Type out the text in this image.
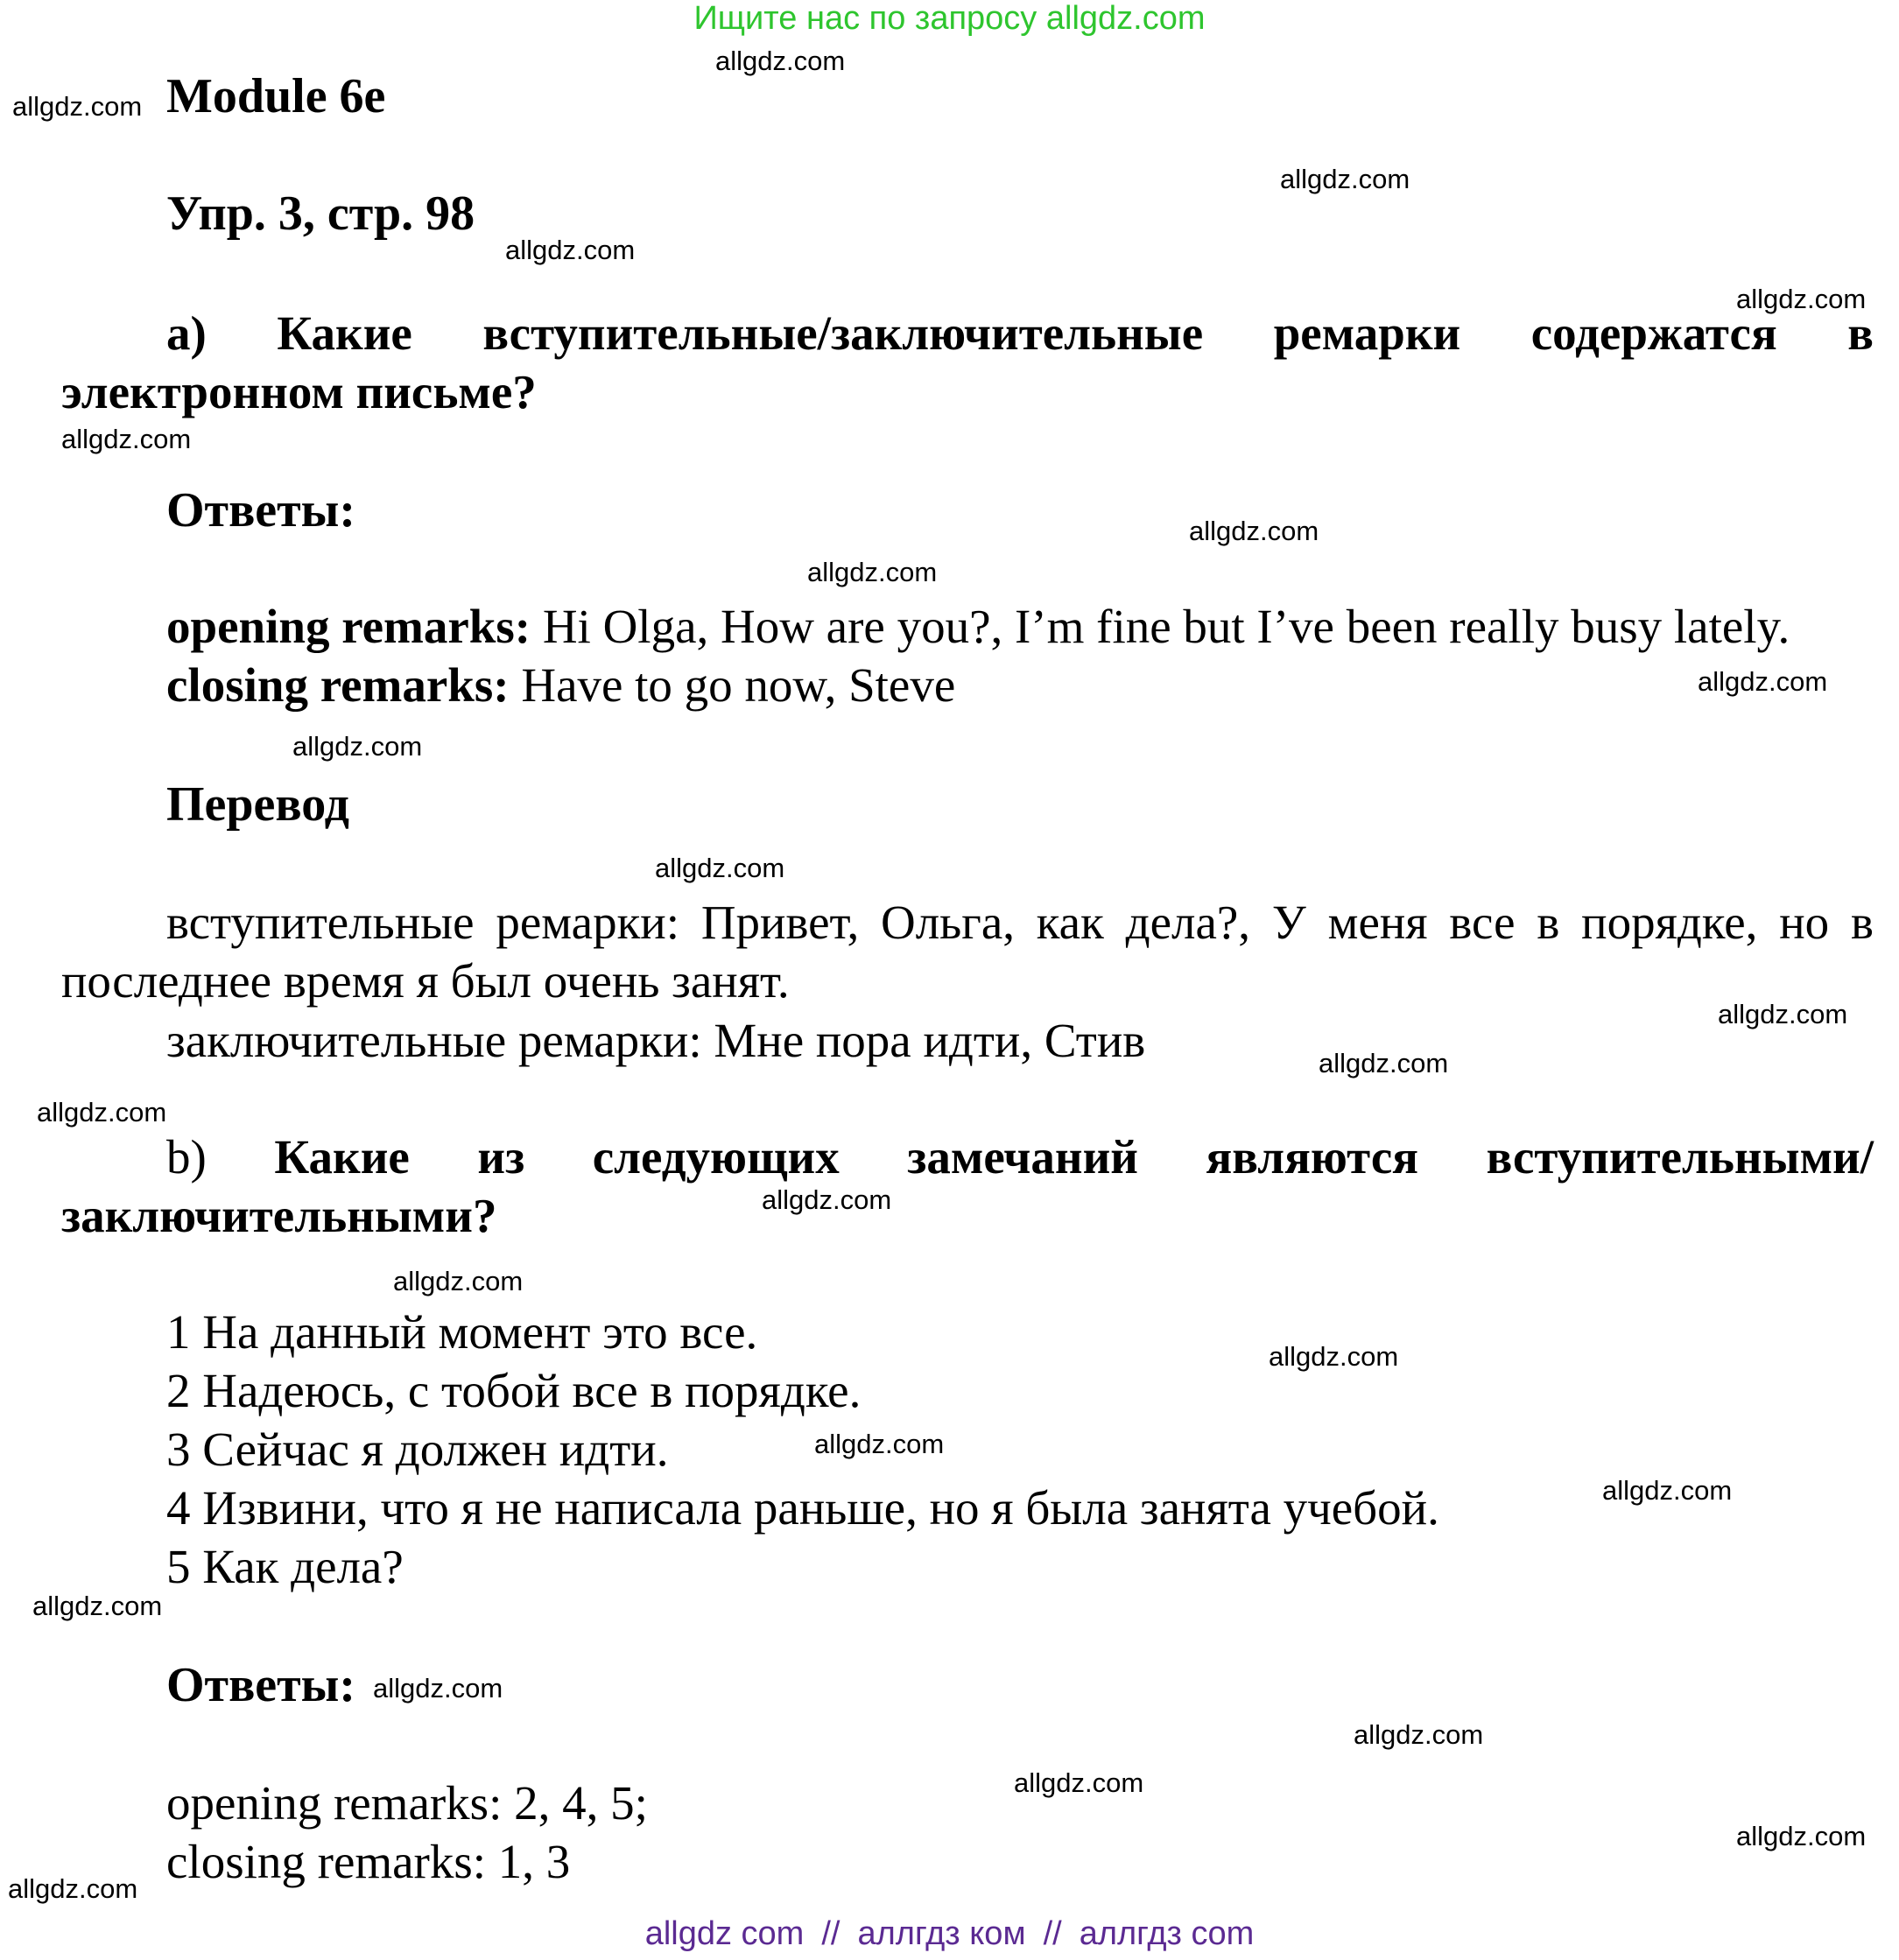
Ищите нас по запросу allgdz.com
Module 6e
Упр. 3, стр. 98
a) Какие вступительные/заключительные ремарки содержатся в
электронном письме?
Ответы:
opening remarks: Hi Olga, How are you?, I’m fine but I’ve been really busy lately.
closing remarks: Have to go now, Steve
Перевод
вступительные ремарки: Привет, Ольга, как дела?, У меня все в порядке, но в
последнее время я был очень занят.
заключительные ремарки: Мне пора идти, Стив
b) Какие из следующих замечаний являются вступительными/
заключительными?
1 На данный момент это все.
2 Надеюсь, с тобой все в порядке.
3 Сейчас я должен идти.
4 Извини, что я не написала раньше, но я была занята учебой.
5 Как дела?
Ответы:
opening remarks: 2, 4, 5;
closing remarks: 1, 3
allgdz.com
allgdz.com
allgdz.com
allgdz.com
allgdz.com
allgdz.com
allgdz.com
allgdz.com
allgdz.com
allgdz.com
allgdz.com
allgdz.com
allgdz.com
allgdz.com
allgdz.com
allgdz.com
allgdz.com
allgdz.com
allgdz.com
allgdz.com
allgdz.com
allgdz.com
allgdz.com
allgdz.com
allgdz.com
allgdz com // аллгдз ком // аллгдз com
